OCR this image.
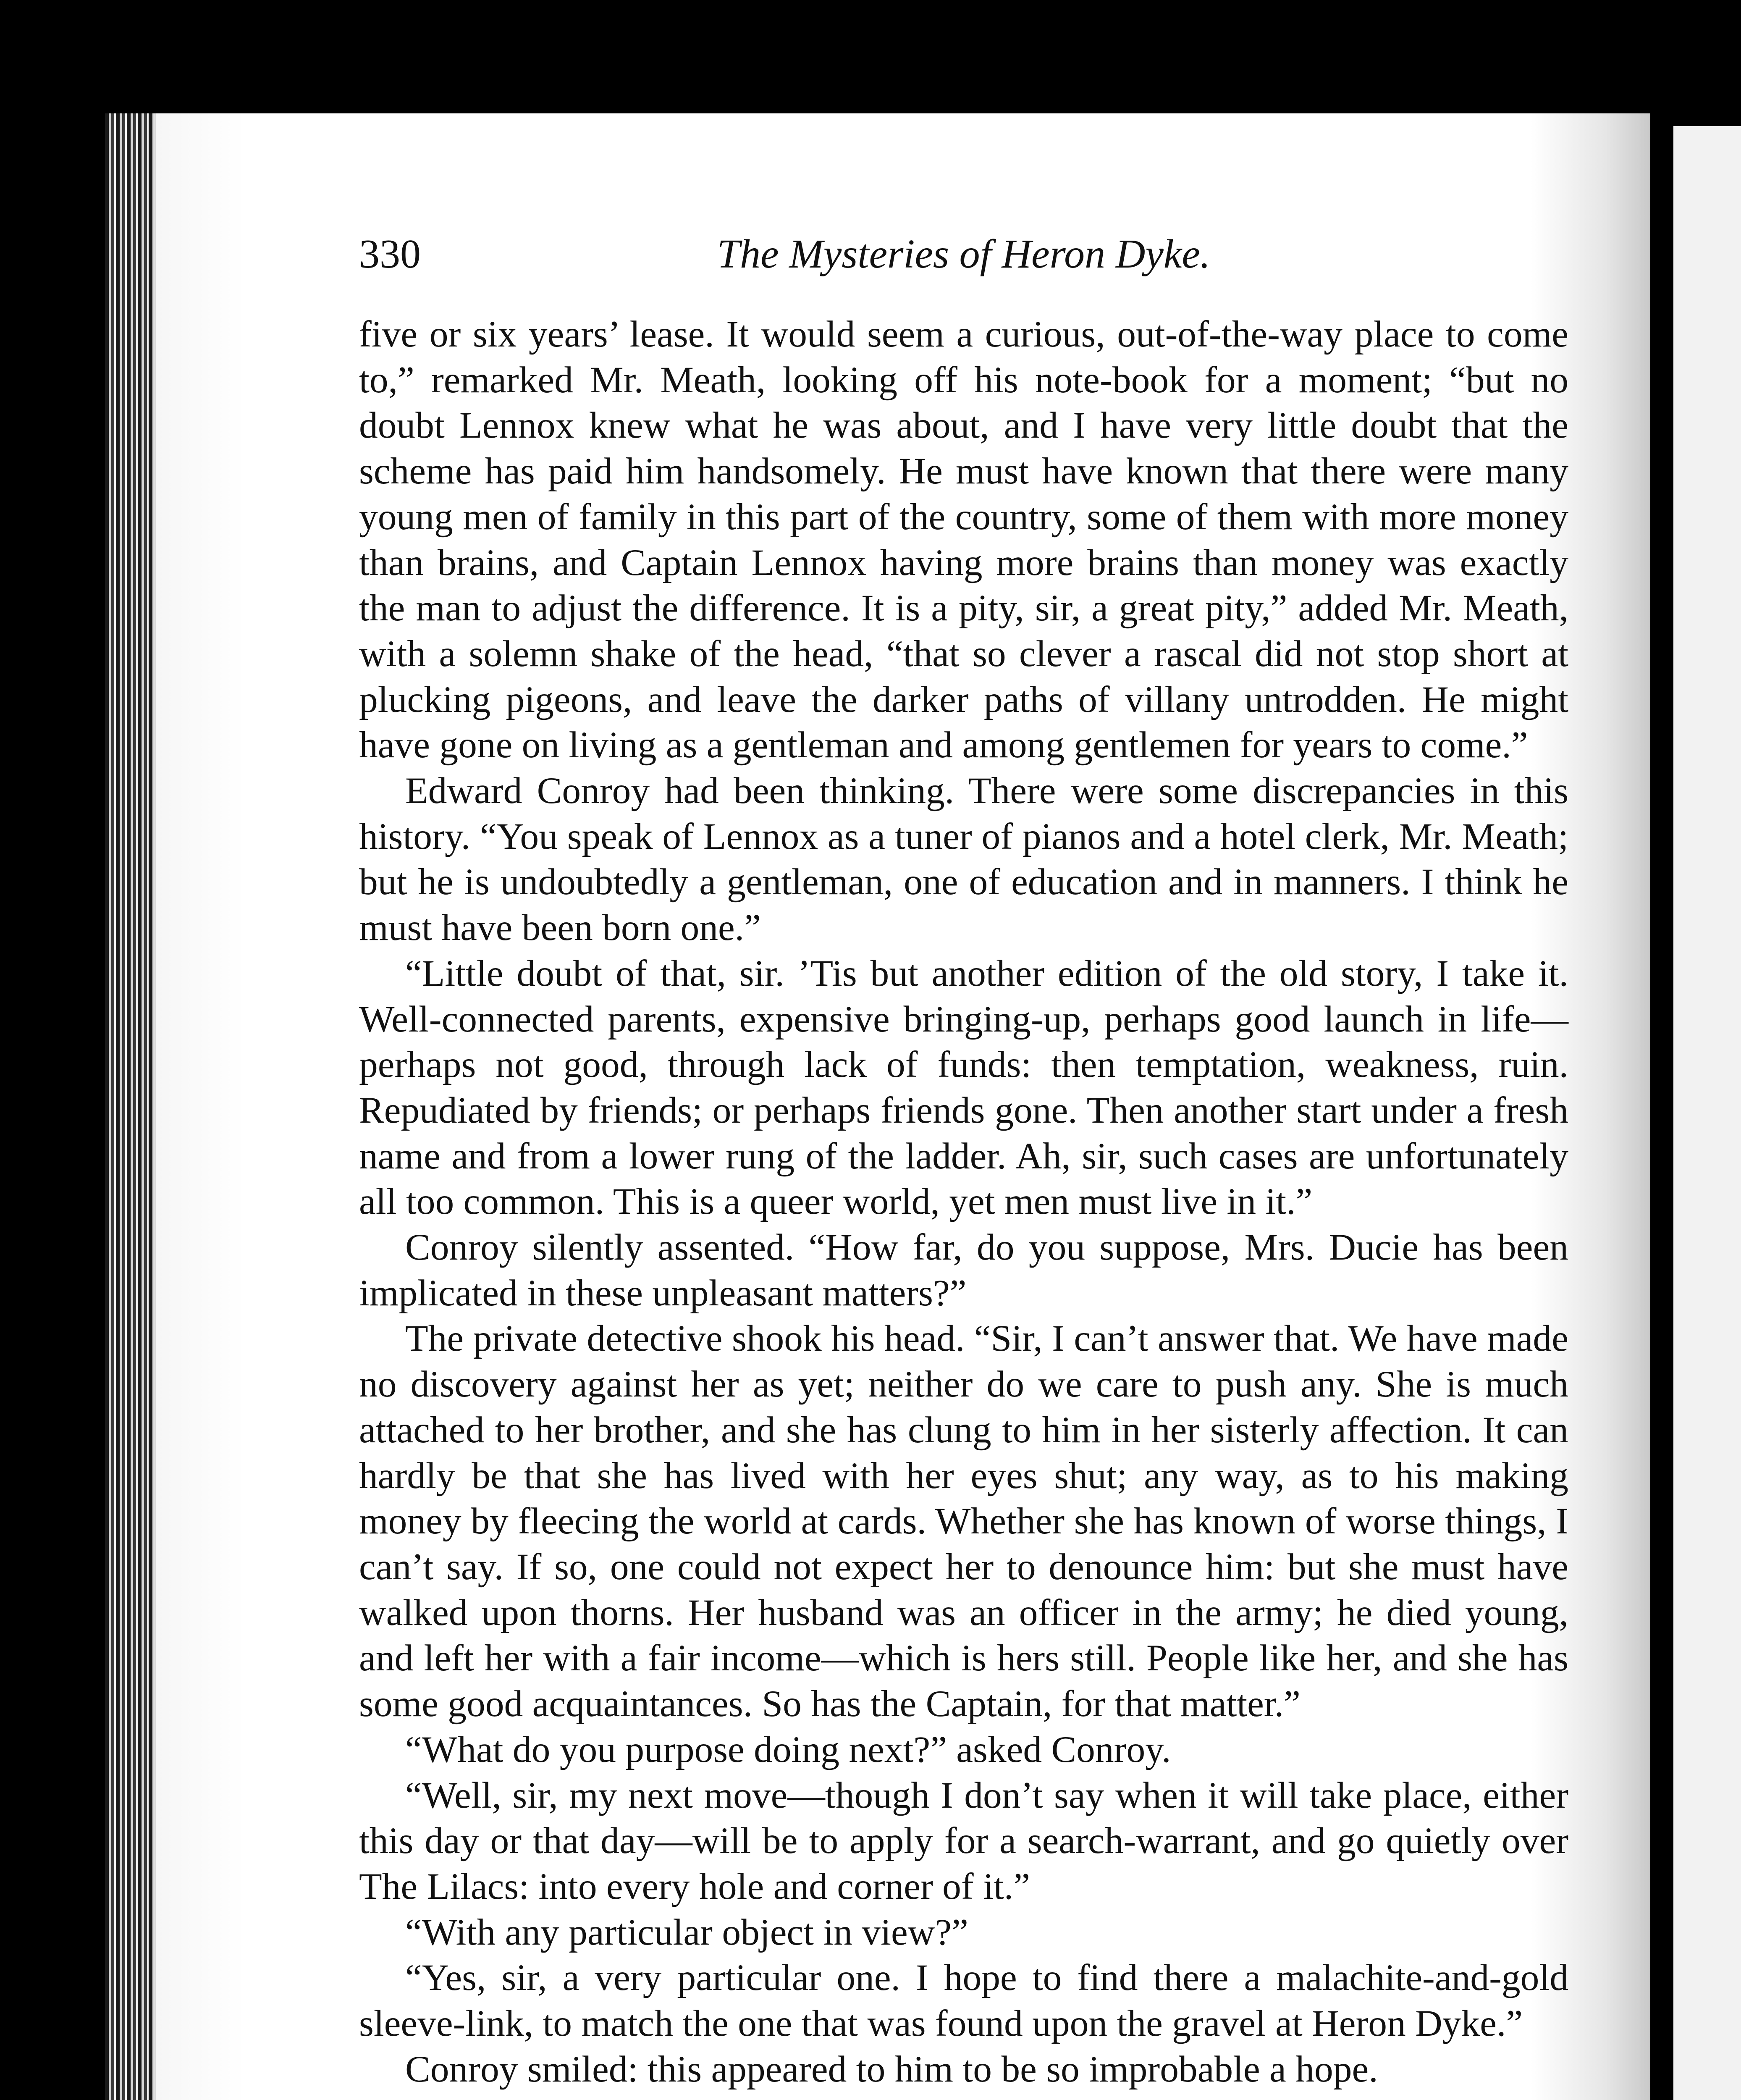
330	The Mysteries of Heron Dyke.

five or six years’ lease. It would seem a curious, out-of-the-way place to come to,” remarked Mr. Meath, looking off his note-book for a moment; “but no doubt Lennox knew what he was about, and I have very little doubt that the scheme has paid him handsomely. He must have known that there were many young men of family in this part of the country, some of them with more money than brains, and Captain Lennox having more brains than money was exactly the man to adjust the difference. It is a pity, sir, a great pity,” added Mr. Meath, with a solemn shake of the head, “that so clever a rascal did not stop short at plucking pigeons, and leave the darker paths of villany untrodden. He might have gone on living as a gentleman and among gentlemen for years to come.”

Edward Conroy had been thinking. There were some discrepancies in this history. “You speak of Lennox as a tuner of pianos and a hotel clerk, Mr. Meath; but he is undoubtedly a gentleman, one of education and in manners. I think he must have been born one.”

“Little doubt of that, sir. ’Tis but another edition of the old story, I take it. Well-connected parents, expensive bringing-up, perhaps good launch in life—perhaps not good, through lack of funds: then temptation, weakness, ruin. Repudiated by friends; or perhaps friends gone. Then another start under a fresh name and from a lower rung of the ladder. Ah, sir, such cases are unfortunately all too common. This is a queer world, yet men must live in it.”

Conroy silently assented. “How far, do you suppose, Mrs. Ducie has been implicated in these unpleasant matters?”

The private detective shook his head. “Sir, I can’t answer that. We have made no discovery against her as yet; neither do we care to push any. She is much attached to her brother, and she has clung to him in her sisterly affection. It can hardly be that she has lived with her eyes shut; any way, as to his making money by fleecing the world at cards. Whether she has known of worse things, I can’t say. If so, one could not expect her to denounce him: but she must have walked upon thorns. Her husband was an officer in the army; he died young, and left her with a fair income—which is hers still. People like her, and she has some good acquaintances. So has the Captain, for that matter.”

“What do you purpose doing next?” asked Conroy.

“Well, sir, my next move—though I don’t say when it will take place, either this day or that day—will be to apply for a search-warrant, and go quietly over The Lilacs: into every hole and corner of it.”

“With any particular object in view?”

“Yes, sir, a very particular one. I hope to find there a malachite-and-gold sleeve-link, to match the one that was found upon the gravel at Heron Dyke.”

Conroy smiled: this appeared to him to be so improbable a hope.
